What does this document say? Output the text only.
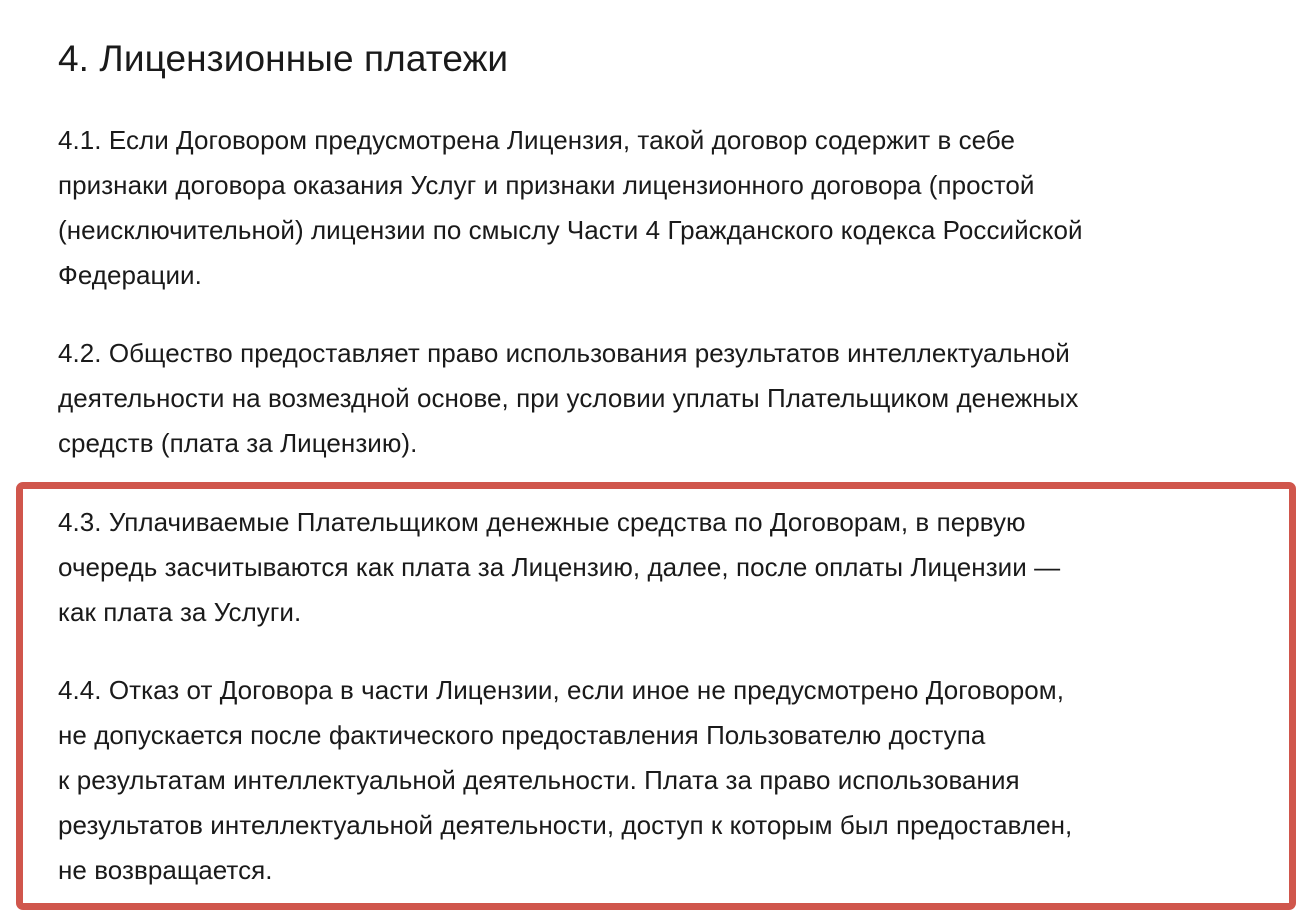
4. Лицензионные платежи

4.1. Если Договором предусмотрена Лицензия, такой договор содержит в себе
признаки договора оказания Услуг и признаки лицензионного договора (простой
(неисключительной) лицензии по смыслу Части 4 Гражданского кодекса Российской
Федерации.

4.2. Общество предоставляет право использования результатов интеллектуальной
деятельности на возмездной основе, при условии уплаты Плательщиком денежных
средств (плата за Лицензию).

4.3. Уплачиваемые Плательщиком денежные средства по Договорам, в первую
очередь засчитываются как плата за Лицензию, далее, после оплаты Лицензии —
как плата за Услуги.

4.4. Отказ от Договора в части Лицензии, если иное не предусмотрено Договором,
не допускается после фактического предоставления Пользователю доступа
к результатам интеллектуальной деятельности. Плата за право использования
результатов интеллектуальной деятельности, доступ к которым был предоставлен,
не возвращается.
